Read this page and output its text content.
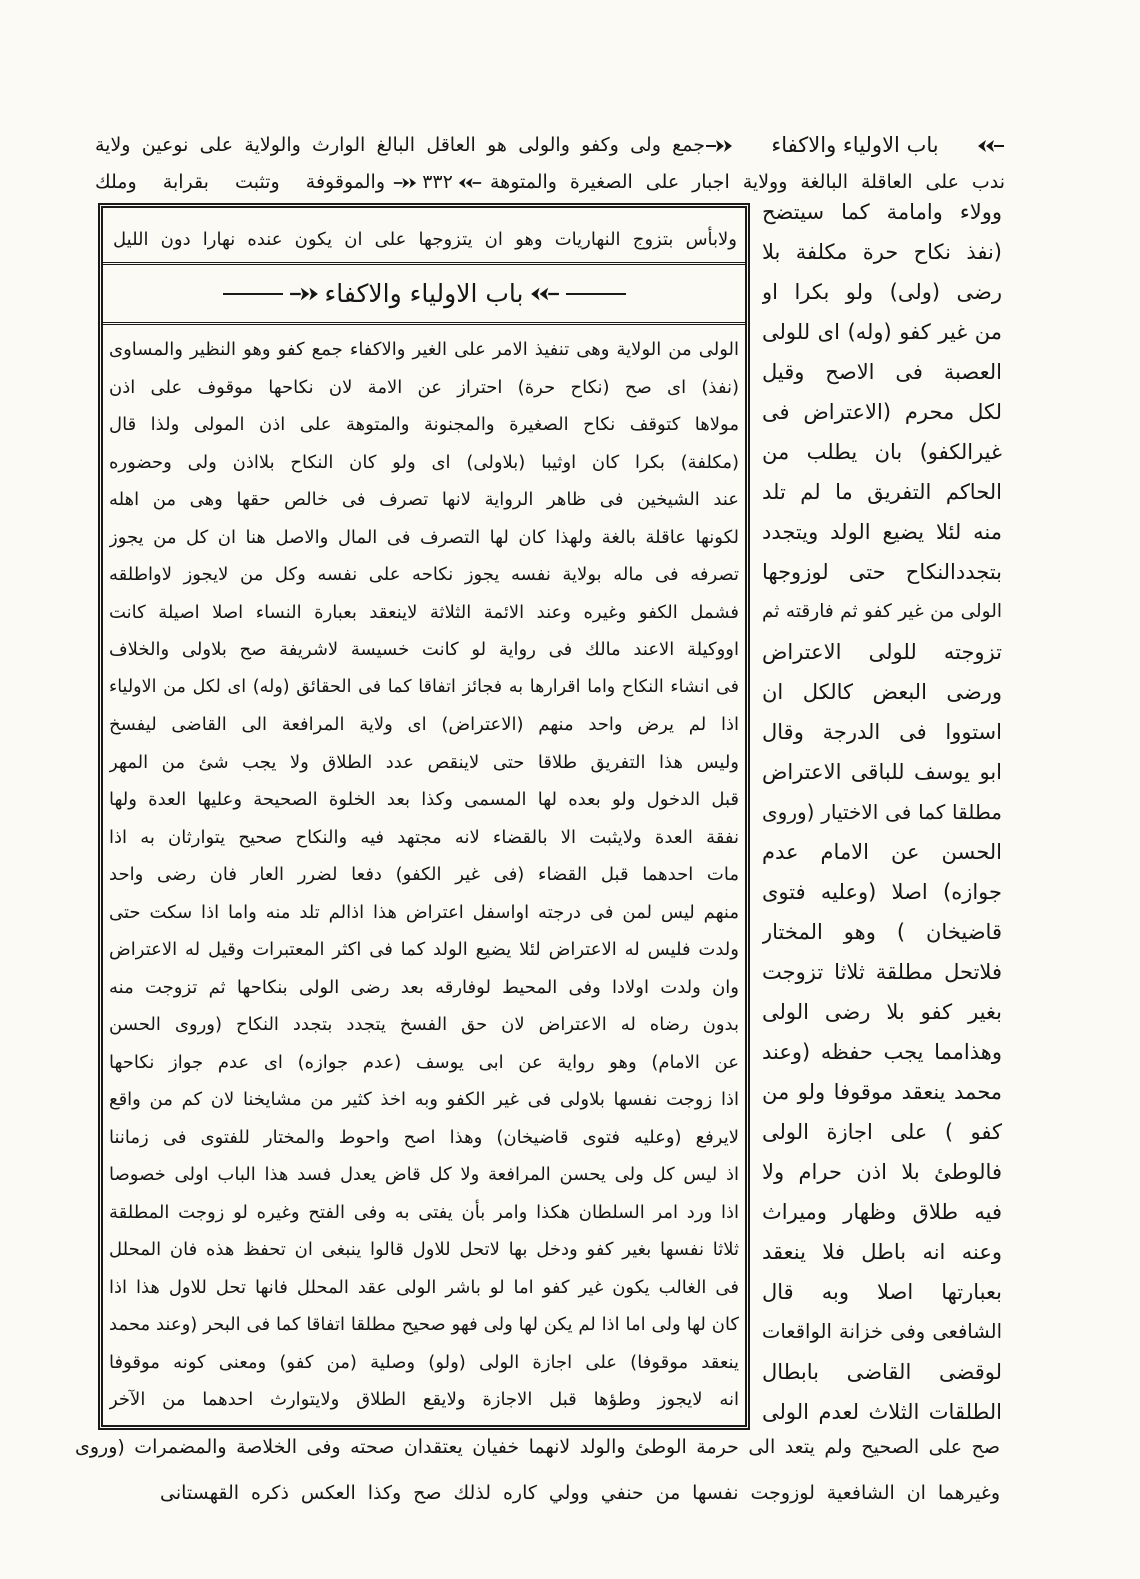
باب الاولياء والاكفاء
جمع ولى وكفو والولى هو العاقل البالغ الوارث والولاية على نوعين ولاية
ندب على العاقلة البالغة وولاية اجبار على الصغيرة والمتوهة
٣٣٢
والموقوفة وتثبت بقرابة وملك
وولاء وامامة كما سيتضح
(نفذ نكاح حرة مكلفة بلا
رضى (ولى) ولو بكرا او
من غير كفو (وله) اى للولى
العصبة فى الاصح وقيل
لكل محرم (الاعتراض فى
غيرالكفو) بان يطلب من
الحاكم التفريق ما لم تلد
منه لئلا يضيع الولد ويتجدد
بتجددالنكاح حتى لوزوجها
الولى من غير كفو ثم فارقته ثم
تزوجته للولى الاعتراض
ورضى البعض كالكل ان
استووا فى الدرجة وقال
ابو يوسف للباقى الاعتراض
مطلقا كما فى الاختيار (وروى
الحسن عن الامام عدم
جوازه) اصلا (وعليه فتوى
قاضيخان ) وهو المختار
فلاتحل مطلقة ثلاثا تزوجت
بغير كفو بلا رضى الولى
وهذامما يجب حفظه (وعند
محمد ينعقد موقوفا ولو من
كفو ) على اجازة الولى
فالوطئ بلا اذن حرام ولا
فيه طلاق وظهار وميراث
وعنه انه باطل فلا ينعقد
بعبارتها اصلا وبه قال
الشافعى وفى خزانة الواقعات
لوقضى القاضى بابطال
الطلقات الثلاث لعدم الولى
ولابأس بتزوج النهاريات وهو ان يتزوجها على ان يكون عنده نهارا دون الليل
باب الاولياء والاكفاء
الولى من الولاية وهى تنفيذ الامر على الغير والاكفاء جمع كفو وهو النظير والمساوى
(نفذ) اى صح (نكاح حرة) احتراز عن الامة لان نكاحها موقوف على اذن
مولاها كتوقف نكاح الصغيرة والمجنونة والمتوهة على اذن المولى ولذا قال
(مكلفة) بكرا كان اوثيبا (بلاولى) اى ولو كان النكاح بلااذن ولى وحضوره
عند الشيخين فى ظاهر الرواية لانها تصرف فى خالص حقها وهى من اهله
لكونها عاقلة بالغة ولهذا كان لها التصرف فى المال والاصل هنا ان كل من يجوز
تصرفه فى ماله بولاية نفسه يجوز نكاحه على نفسه وكل من لايجوز لاواطلقه
فشمل الكفو وغيره وعند الائمة الثلاثة لاينعقد بعبارة النساء اصلا اصيلة كانت
اووكيلة الاعند مالك فى رواية لو كانت خسيسة لاشريفة صح بلاولى والخلاف
فى انشاء النكاح واما اقرارها به فجائز اتفاقا كما فى الحقائق (وله) اى لكل من الاولياء
اذا لم يرض واحد منهم (الاعتراض) اى ولاية المرافعة الى القاضى ليفسخ
وليس هذا التفريق طلاقا حتى لاينقص عدد الطلاق ولا يجب شئ من المهر
قبل الدخول ولو بعده لها المسمى وكذا بعد الخلوة الصحيحة وعليها العدة ولها
نفقة العدة ولايثبت الا بالقضاء لانه مجتهد فيه والنكاح صحيح يتوارثان به اذا
مات احدهما قبل القضاء (فى غير الكفو) دفعا لضرر العار فان رضى واحد
منهم ليس لمن فى درجته اواسفل اعتراض هذا اذالم تلد منه واما اذا سكت حتى
ولدت فليس له الاعتراض لئلا يضيع الولد كما فى اكثر المعتبرات وقيل له الاعتراض
وان ولدت اولادا وفى المحيط لوفارقه بعد رضى الولى بنكاحها ثم تزوجت منه
بدون رضاه له الاعتراض لان حق الفسخ يتجدد بتجدد النكاح (وروى الحسن
عن الامام) وهو رواية عن ابى يوسف (عدم جوازه) اى عدم جواز نكاحها
اذا زوجت نفسها بلاولى فى غير الكفو وبه اخذ كثير من مشايخنا لان كم من واقع
لايرفع (وعليه فتوى قاضيخان) وهذا اصح واحوط والمختار للفتوى فى زماننا
اذ ليس كل ولى يحسن المرافعة ولا كل قاض يعدل فسد هذا الباب اولى خصوصا
اذا ورد امر السلطان هكذا وامر بأن يفتى به وفى الفتح وغيره لو زوجت المطلقة
ثلاثا نفسها بغير كفو ودخل بها لاتحل للاول قالوا ينبغى ان تحفظ هذه فان المحلل
فى الغالب يكون غير كفو اما لو باشر الولى عقد المحلل فانها تحل للاول هذا اذا
كان لها ولى اما اذا لم يكن لها ولى فهو صحيح مطلقا اتفاقا كما فى البحر (وعند محمد
ينعقد موقوفا) على اجازة الولى (ولو) وصلية (من كفو) ومعنى كونه موقوفا
انه لايجوز وطؤها قبل الاجازة ولايقع الطلاق ولايتوارث احدهما من الآخر
صح على الصحيح ولم يتعد الى حرمة الوطئ والولد لانهما خفيان يعتقدان صحته وفى الخلاصة والمضمرات (وروى
وغيرهما ان الشافعية لوزوجت نفسها من حنفي وولي كاره لذلك صح وكذا العكس ذكره القهستانى
